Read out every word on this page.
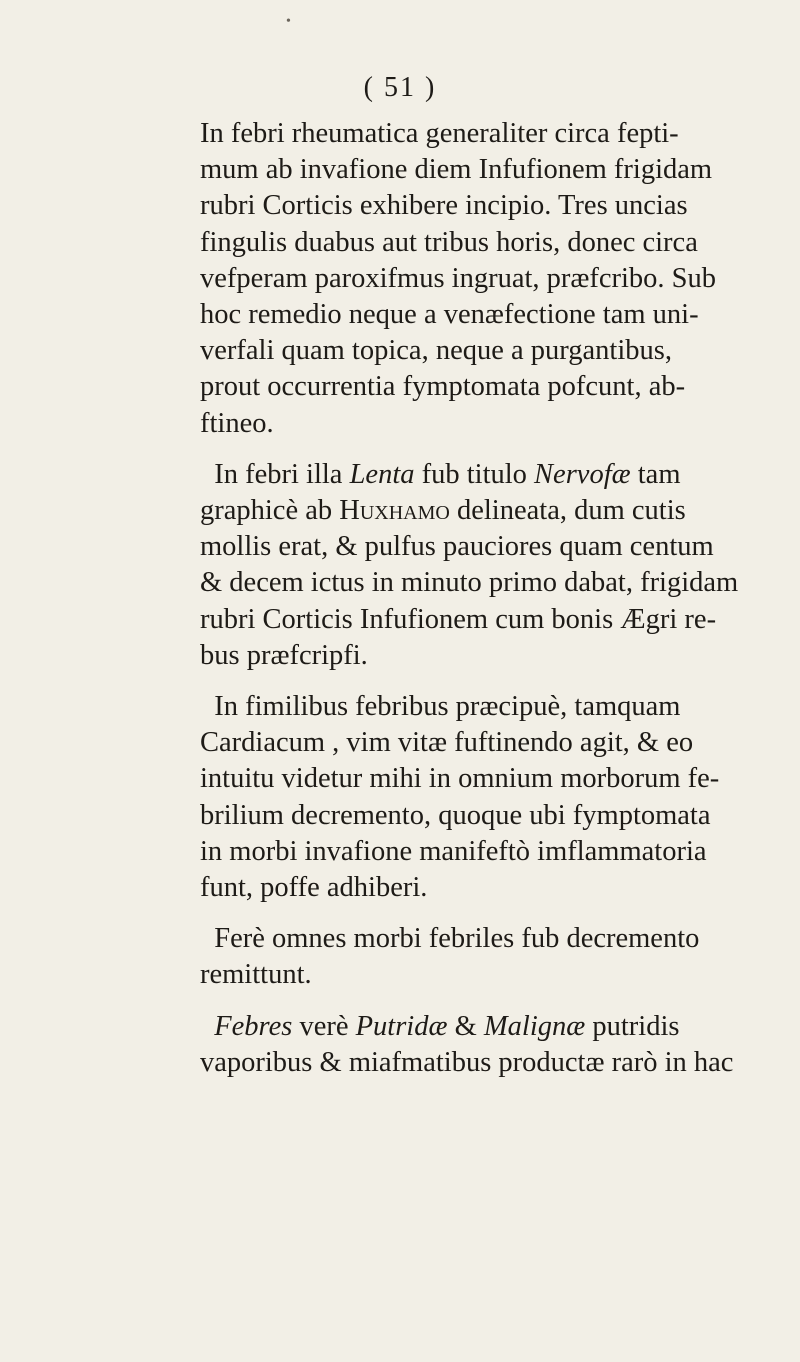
•
( 51 )
In febri rheumatica generaliter circa fepti-
mum ab invafione diem Infufionem frigidam
rubri Corticis exhibere incipio. Tres uncias
fingulis duabus aut tribus horis, donec circa
vefperam paroxifmus ingruat, præfcribo. Sub
hoc remedio neque a venæfectione tam uni-
verfali quam topica, neque a purgantibus,
prout occurrentia fymptomata pofcunt, ab-
ftineo.
​  In febri illa Lenta fub titulo Nervofæ tam
graphicè ab Huxhamo delineata, dum cutis
mollis erat, & pulfus pauciores quam centum
& decem ictus in minuto primo dabat, frigidam
rubri Corticis Infufionem cum bonis Ægri re-
bus præfcripfi.
In fimilibus febribus præcipuè, tamquam
Cardiacum , vim vitæ fuftinendo agit, & eo
intuitu videtur mihi in omnium morborum fe-
brilium decremento, quoque ubi fymptomata
in morbi invafione manifeftò imflammatoria
funt, poffe adhiberi.
Ferè omnes morbi febriles fub decremento
remittunt.
Febres verè Putridæ & Malignæ putridis
vaporibus & miafmatibus productæ rarò in hac
